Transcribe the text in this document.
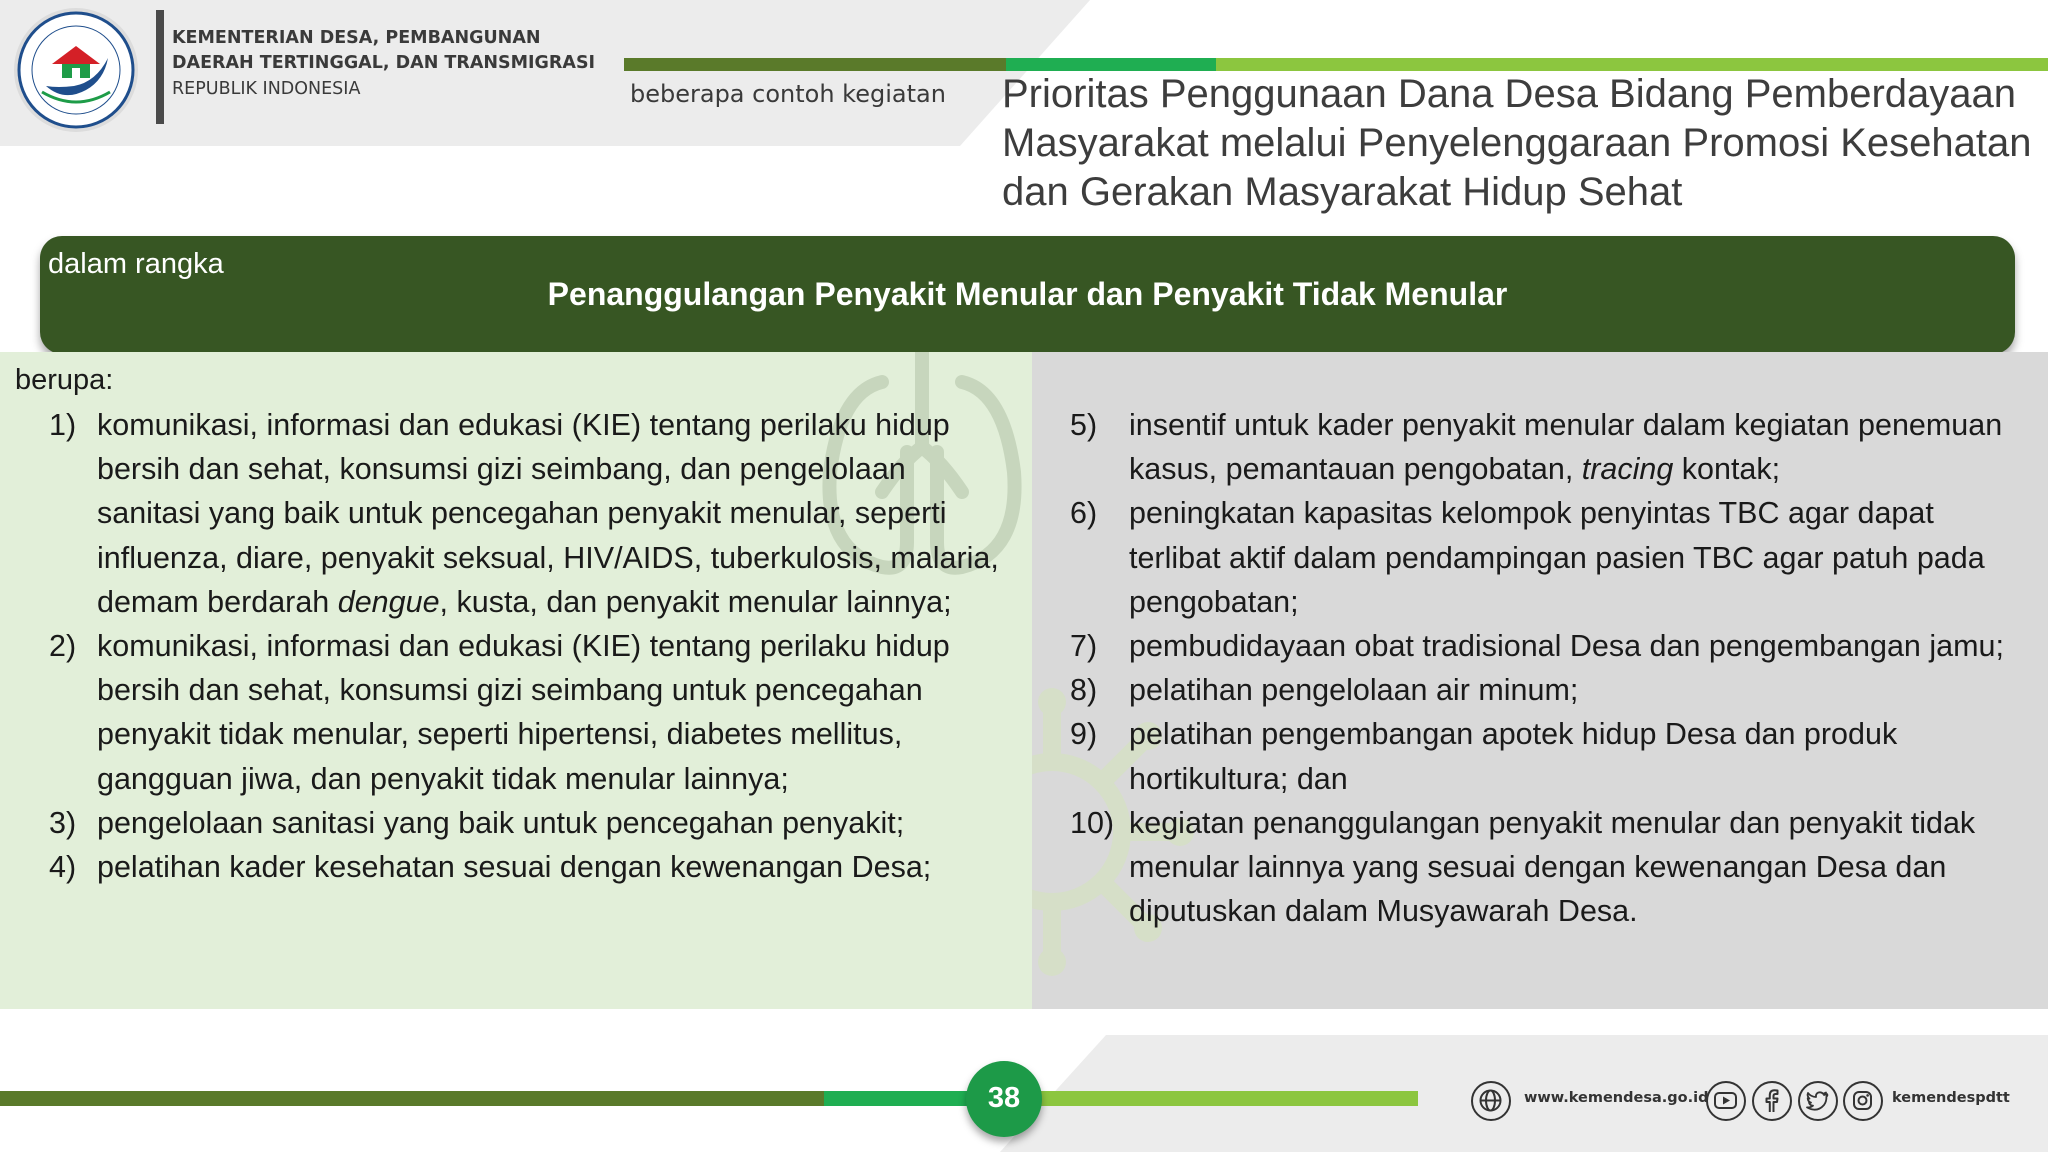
KEMENTERIAN DESA, PEMBANGUNAN
DAERAH TERTINGGAL, DAN TRANSMIGRASI
REPUBLIK INDONESIA	beberapa contoh kegiatan Prioritas Penggunaan Dana Desa Bidang Pemberdayaan Masyarakat melalui Penyelenggaraan Promosi Kesehatan dan Gerakan Masyarakat Hidup Sehat
dalam rangka
Penanggulangan Penyakit Menular dan Penyakit Tidak Menular
berupa:
1) komunikasi, informasi dan edukasi (KIE) tentang perilaku hidup bersih dan sehat, konsumsi gizi seimbang, dan pengelolaan sanitasi yang baik untuk pencegahan penyakit menular, seperti influenza, diare, penyakit seksual, HIV/AIDS, tuberkulosis, malaria, demam berdarah dengue, kusta, dan penyakit menular lainnya;
2) komunikasi, informasi dan edukasi (KIE) tentang perilaku hidup bersih dan sehat, konsumsi gizi seimbang untuk pencegahan penyakit tidak menular, seperti hipertensi, diabetes mellitus, gangguan jiwa, dan penyakit tidak menular lainnya;
3) pengelolaan sanitasi yang baik untuk pencegahan penyakit;
4) pelatihan kader kesehatan sesuai dengan kewenangan Desa;
5)	insentif untuk kader penyakit menular dalam kegiatan penemuan kasus, pemantauan pengobatan, tracing kontak;
6)	peningkatan kapasitas kelompok penyintas TBC agar dapat terlibat aktif dalam pendampingan pasien TBC agar patuh pada pengobatan;
7)	pembudidayaan obat tradisional Desa dan pengembangan jamu;
8)	pelatihan pengelolaan air minum;
9)	pelatihan pengembangan apotek hidup Desa dan produk hortikultura; dan
10) kegiatan penanggulangan penyakit menular dan penyakit tidak menular lainnya yang sesuai dengan kewenangan Desa dan diputuskan dalam Musyawarah Desa.
38	www.kemendesa.go.id	kemendespdtt
